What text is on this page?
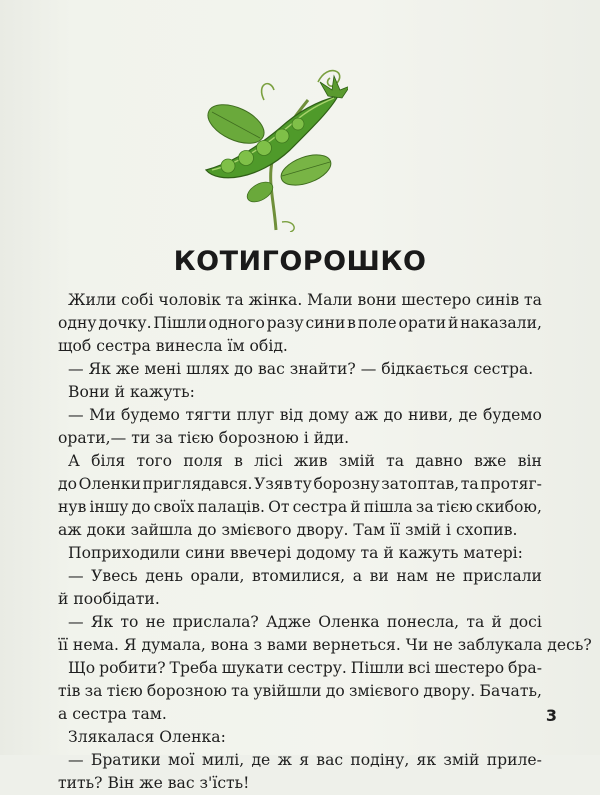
КОТИГОРОШКО
Жили собі чоловік та жінка. Мали вони шестеро синів та
одну дочку. Пішли одного разу сини в поле орати й наказали,
щоб сестра винесла їм обід.
— Як же мені шлях до вас знайти? — бідкається сестра.
Вони й кажуть:
— Ми будемо тягти плуг від дому аж до ниви, де будемо
орати,— ти за тією борозною і йди.
А біля того поля в лісі жив змій та давно вже він
до Оленки приглядався. Узяв ту борозну затоптав, та протяг-
нув іншу до своїх палаців. От сестра й пішла за тією скибою,
аж доки зайшла до змієвого двору. Там її змій і схопив.
Поприходили сини ввечері додому та й кажуть матері:
— Увесь день орали, втомилися, а ви нам не прислали
й пообідати.
— Як то не прислала? Адже Оленка понесла, та й досі
її нема. Я думала, вона з вами вернеться. Чи не заблукала десь?
Що робити? Треба шукати сестру. Пішли всі шестеро бра-
тів за тією борозною та увійшли до змієвого двору. Бачать,
а сестра там.
Злякалася Оленка:
— Братики мої милі, де ж я вас подіну, як змій приле-
тить? Він же вас з'їсть!
3
